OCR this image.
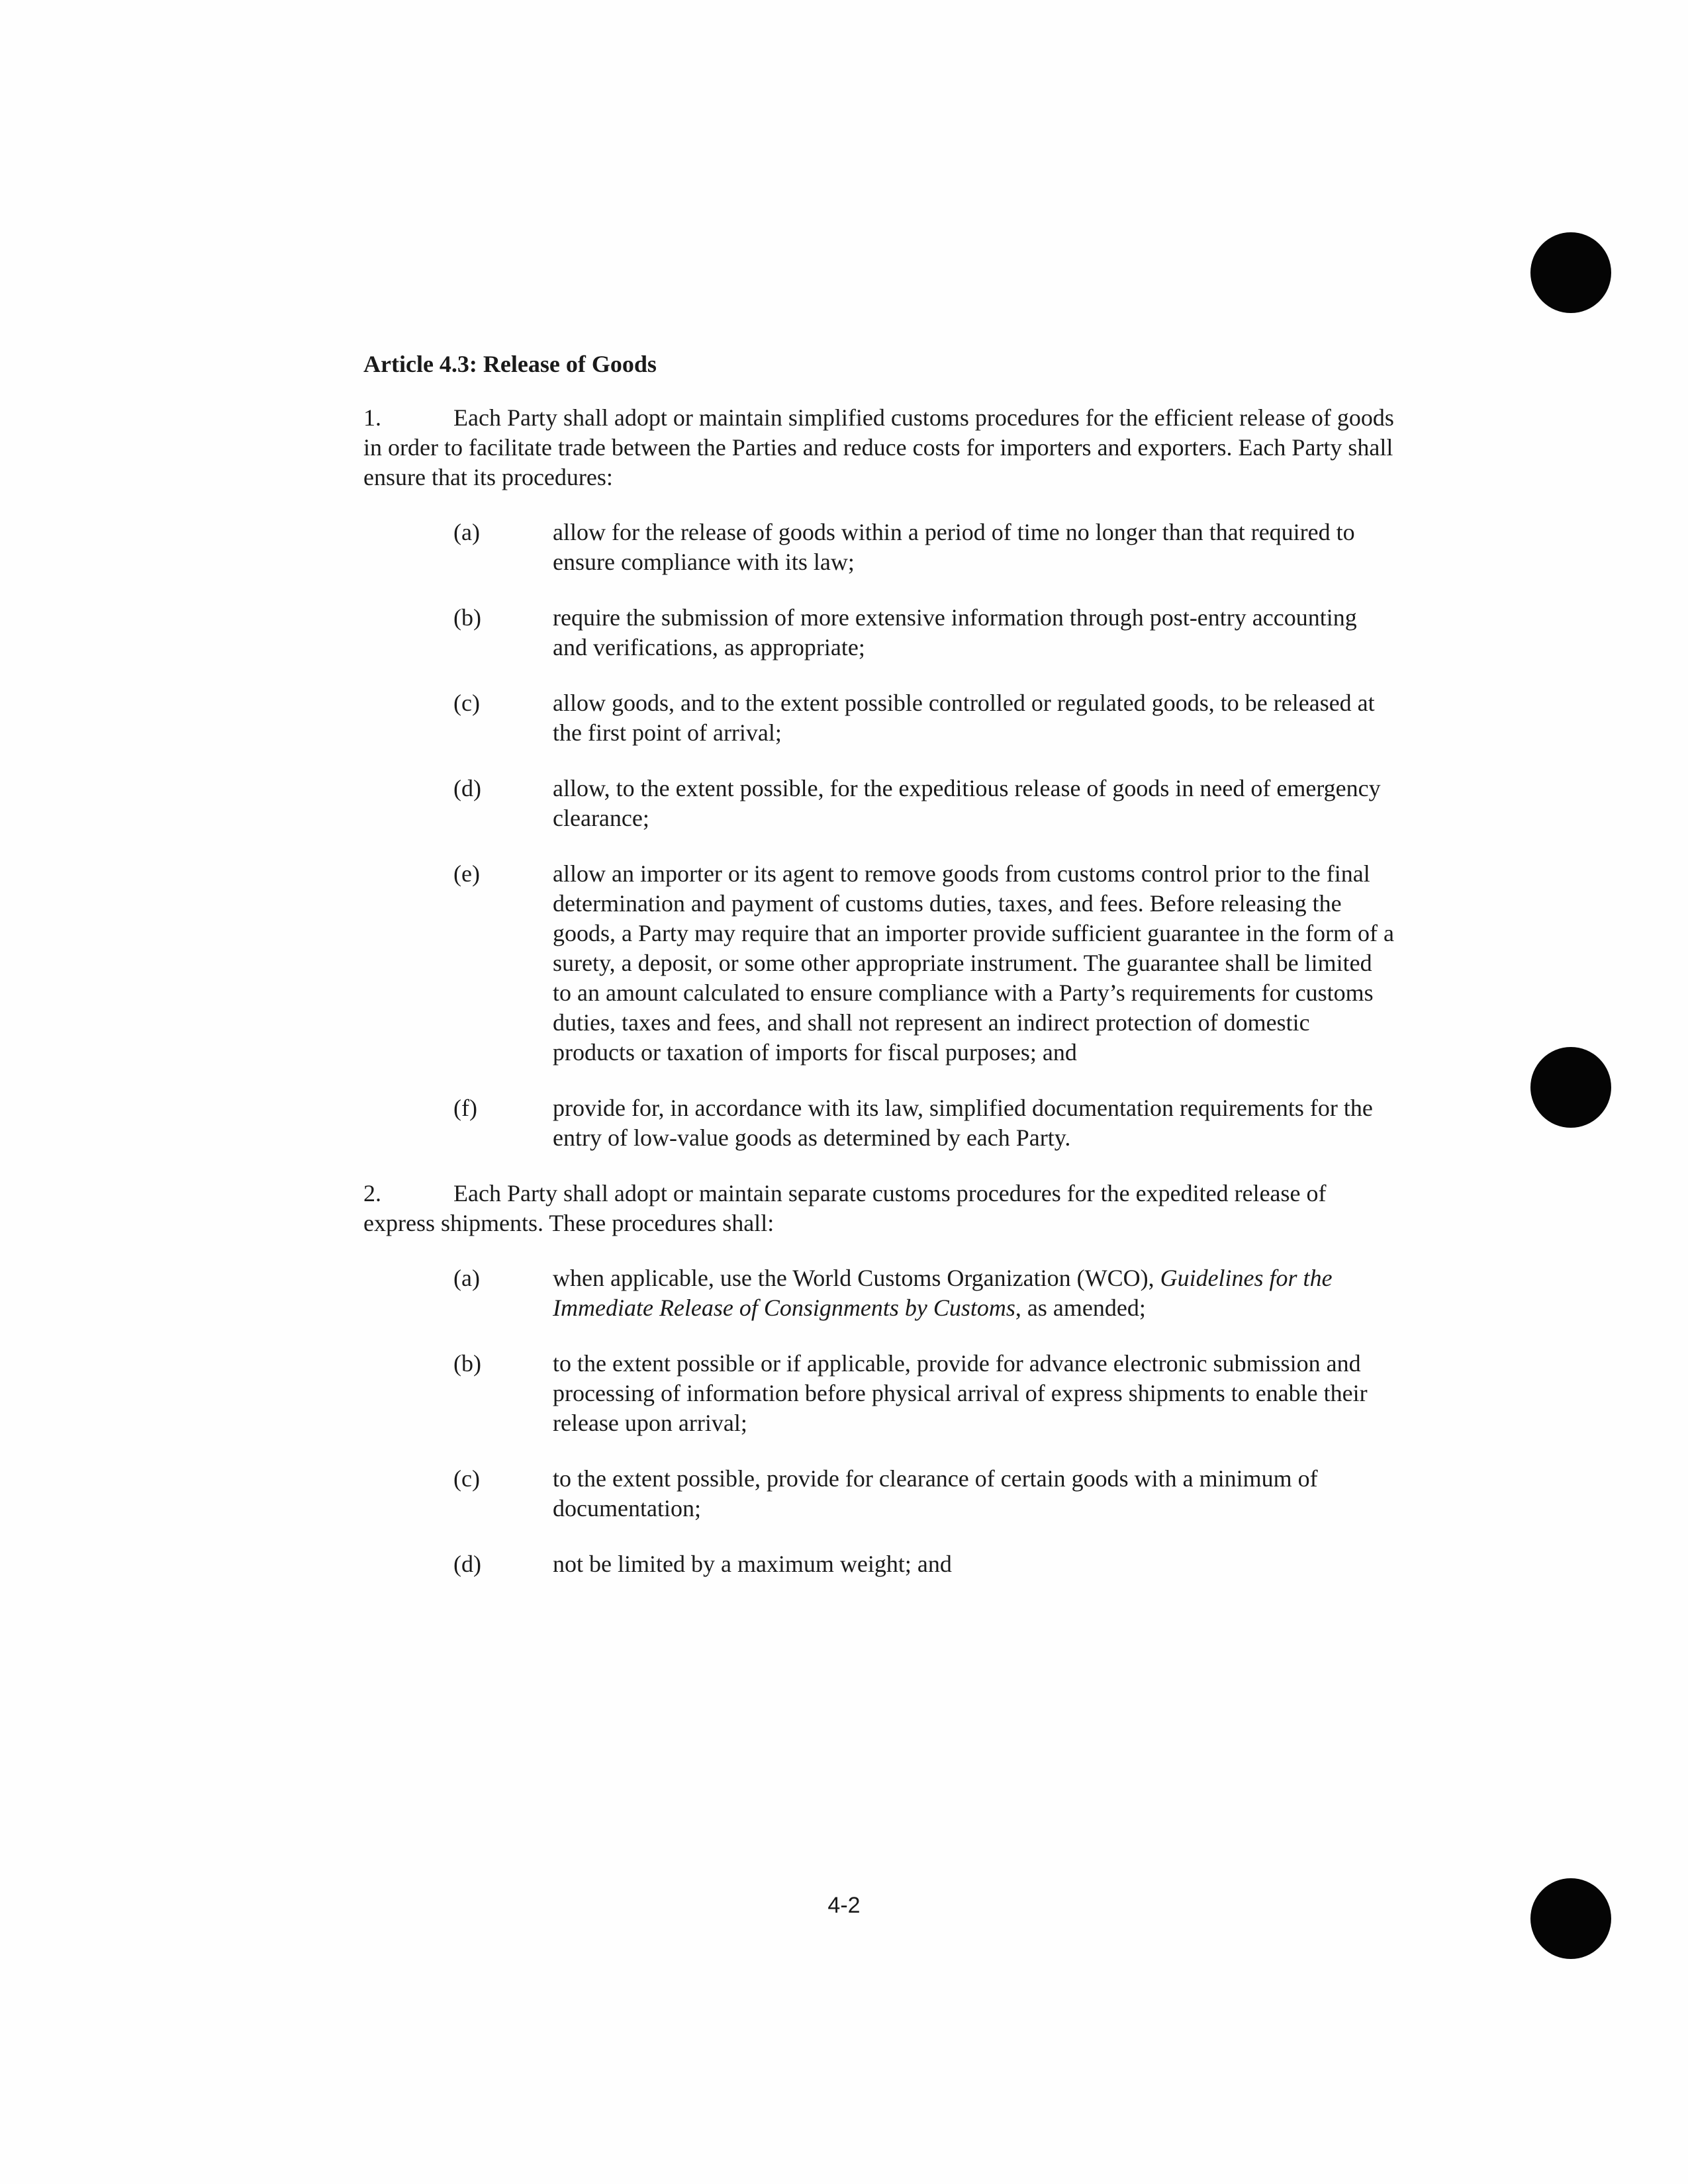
Article 4.3: Release of Goods

1.	Each Party shall adopt or maintain simplified customs procedures for the efficient release of goods in order to facilitate trade between the Parties and reduce costs for importers and exporters. Each Party shall ensure that its procedures:

(a)	allow for the release of goods within a period of time no longer than that required to ensure compliance with its law;
(b)	require the submission of more extensive information through post-entry accounting and verifications, as appropriate;
(c)	allow goods, and to the extent possible controlled or regulated goods, to be released at the first point of arrival;
(d)	allow, to the extent possible, for the expeditious release of goods in need of emergency clearance;
(e)	allow an importer or its agent to remove goods from customs control prior to the final determination and payment of customs duties, taxes, and fees. Before releasing the goods, a Party may require that an importer provide sufficient guarantee in the form of a surety, a deposit, or some other appropriate instrument. The guarantee shall be limited to an amount calculated to ensure compliance with a Party’s requirements for customs duties, taxes and fees, and shall not represent an indirect protection of domestic products or taxation of imports for fiscal purposes; and
(f)	provide for, in accordance with its law, simplified documentation requirements for the entry of low-value goods as determined by each Party.

2.	Each Party shall adopt or maintain separate customs procedures for the expedited release of express shipments. These procedures shall:

(a)	when applicable, use the World Customs Organization (WCO), Guidelines for the Immediate Release of Consignments by Customs, as amended;
(b)	to the extent possible or if applicable, provide for advance electronic submission and processing of information before physical arrival of express shipments to enable their release upon arrival;
(c)	to the extent possible, provide for clearance of certain goods with a minimum of documentation;
(d)	not be limited by a maximum weight; and
4-2
